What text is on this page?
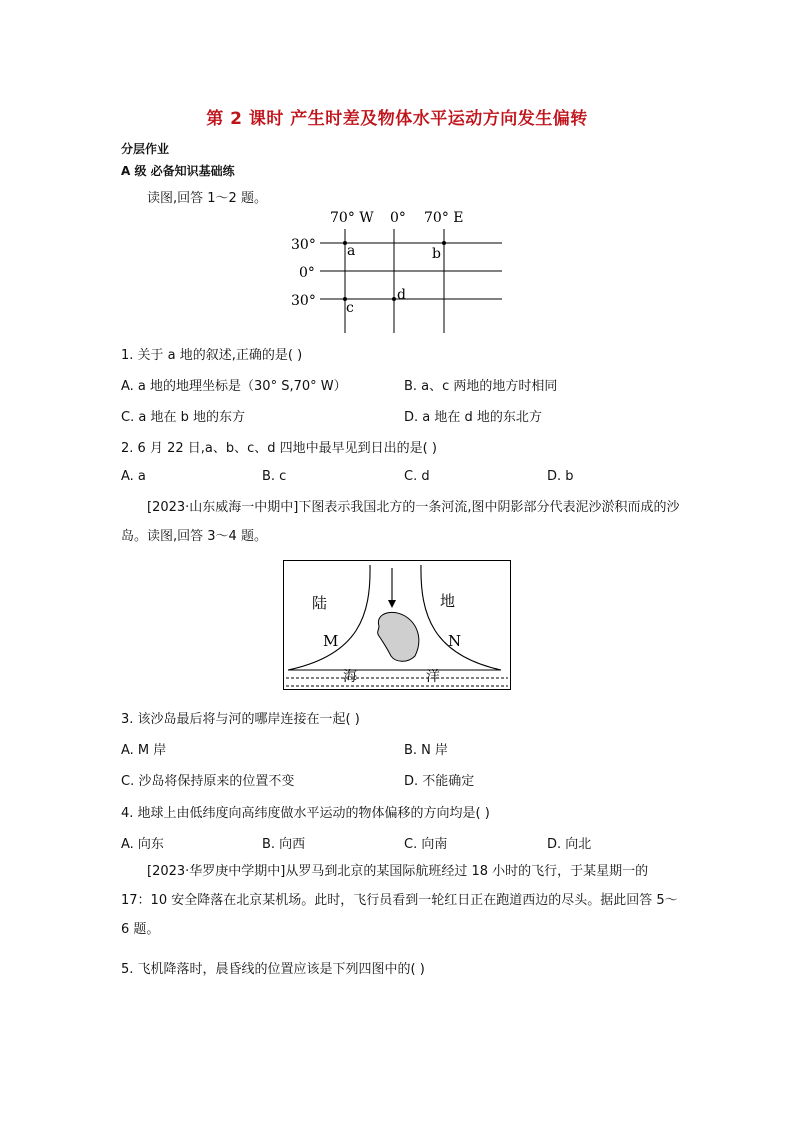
第 2 课时 产生时差及物体水平运动方向发生偏转
分层作业
A 级 必备知识基础练
读图,回答 1～2 题。
70° W 0° 70° E
30°
0°
30°
a	b
c
d
1. 关于 a 地的叙述,正确的是( )
A. a 地的地理坐标是（30° S,70° W）	B. a、c 两地的地方时相同
C. a 地在 b 地的东方	D. a 地在 d 地的东北方
2. 6 月 22 日,a、b、c、d 四地中最早见到日出的是( )
A. a	B. c	C. d	D. b
[2023·山东威海一中期中]下图表示我国北方的一条河流,图中阴影部分代表泥沙淤积而成的沙岛。读图,回答 3～4 题。
陆	地
M	N
海	洋
3. 该沙岛最后将与河的哪岸连接在一起( )
A. M 岸	B. N 岸
C. 沙岛将保持原来的位置不变	D. 不能确定
4. 地球上由低纬度向高纬度做水平运动的物体偏移的方向均是( )
A. 向东	B. 向西	C. 向南	D. 向北
[2023·华罗庚中学期中]从罗马到北京的某国际航班经过 18 小时的飞行，于某星期一的 17：10 安全降落在北京某机场。此时，飞行员看到一轮红日正在跑道西边的尽头。据此回答 5～6 题。
5. 飞机降落时，晨昏线的位置应该是下列四图中的( )
